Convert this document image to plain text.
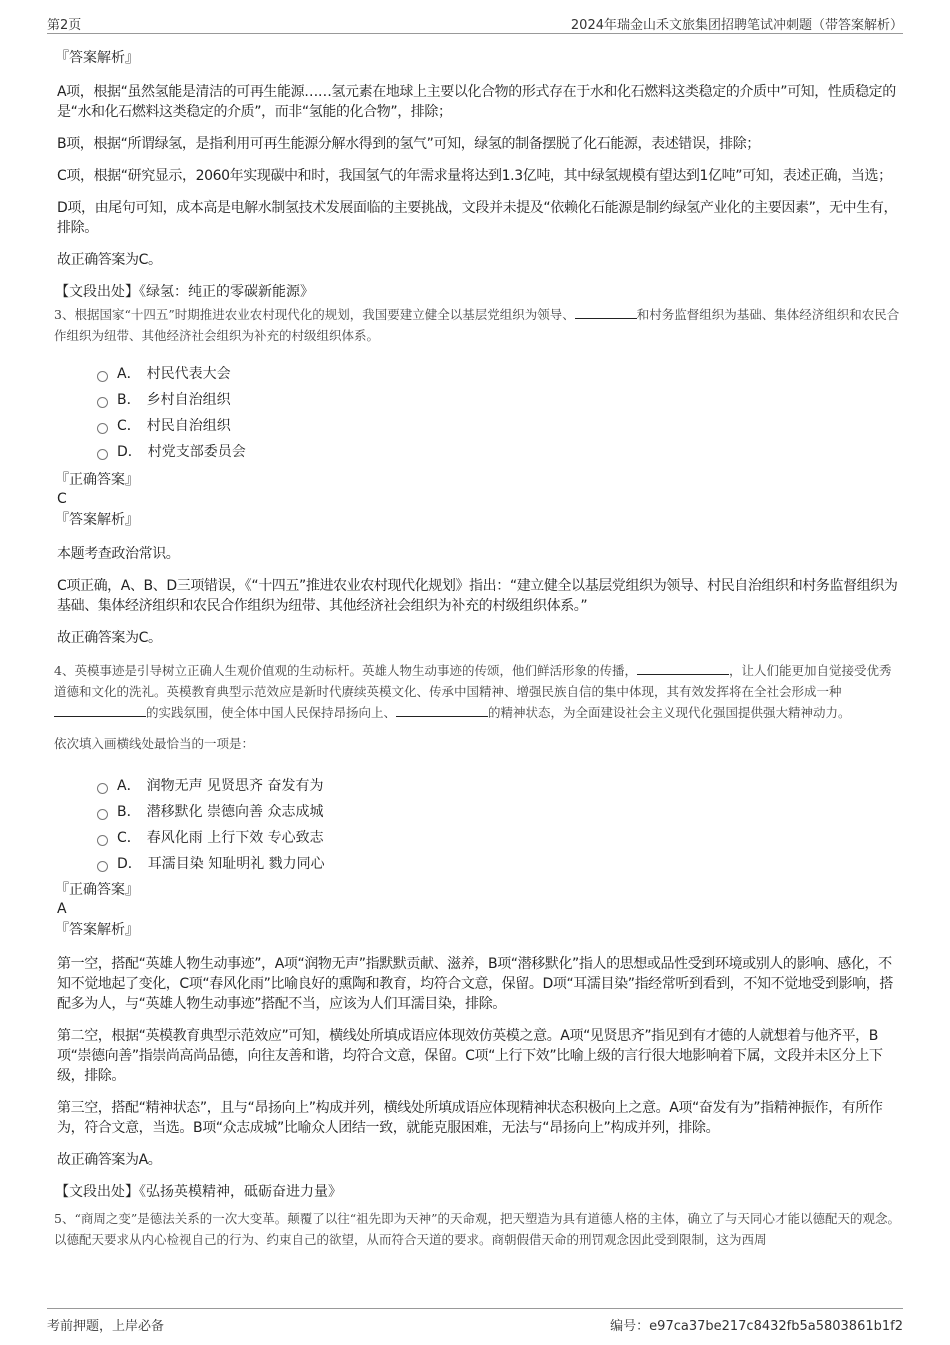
第2页	2024年瑞金山禾文旅集团招聘笔试冲刺题（带答案解析）
『答案解析』
A项，根据“虽然氢能是清洁的可再生能源……氢元素在地球上主要以化合物的形式存在于水和化石燃料这类稳定的介质中”可知，性质稳定的是“水和化石燃料这类稳定的介质”，而非“氢能的化合物”，排除；
B项，根据“所谓绿氢，是指利用可再生能源分解水得到的氢气”可知，绿氢的制备摆脱了化石能源，表述错误，排除；
C项，根据“研究显示，2060年实现碳中和时，我国氢气的年需求量将达到1.3亿吨，其中绿氢规模有望达到1亿吨”可知，表述正确，当选；
D项，由尾句可知，成本高是电解水制氢技术发展面临的主要挑战，文段并未提及“依赖化石能源是制约绿氢产业化的主要因素”，无中生有，排除。
故正确答案为C。
【文段出处】《绿氢：纯正的零碳新能源》
3、根据国家“十四五”时期推进农业农村现代化的规划，我国要建立健全以基层党组织为领导、	和村务监督组织为基础、集体经济组织和农民合作组织为纽带、其他经济社会组织为补充的村级组织体系。
A． 村民代表大会
B． 乡村自治组织
C． 村民自治组织
D． 村党支部委员会
『正确答案』
C
『答案解析』
本题考查政治常识。
C项正确，A、B、D三项错误，《“十四五”推进农业农村现代化规划》指出：“建立健全以基层党组织为领导、村民自治组织和村务监督组织为基础、集体经济组织和农民合作组织为纽带、其他经济社会组织为补充的村级组织体系。”
故正确答案为C。
4、英模事迹是引导树立正确人生观价值观的生动标杆。英雄人物生动事迹的传颂，他们鲜活形象的传播，	，让人们能更加自觉接受优秀道德和文化的洗礼。英模教育典型示范效应是新时代赓续英模文化、传承中国精神、增强民族自信的集中体现，其有效发挥将在全社会形成一种的实践氛围，使全体中国人民保持昂扬向上、	的精神状态，为全面建设社会主义现代化强国提供强大精神动力。
依次填入画横线处最恰当的一项是：
A． 润物无声 见贤思齐 奋发有为
B． 潜移默化 崇德向善 众志成城
C． 春风化雨 上行下效 专心致志
D． 耳濡目染 知耻明礼 戮力同心
『正确答案』
A
『答案解析』
第一空，搭配“英雄人物生动事迹”，A项“润物无声”指默默贡献、滋养，B项“潜移默化”指人的思想或品性受到环境或别人的影响、感化，不知不觉地起了变化，C项“春风化雨”比喻良好的熏陶和教育，均符合文意，保留。D项“耳濡目染”指经常听到看到，不知不觉地受到影响，搭配多为人，与“英雄人物生动事迹”搭配不当，应该为人们耳濡目染，排除。
第二空，根据“英模教育典型示范效应”可知，横线处所填成语应体现效仿英模之意。A项“见贤思齐”指见到有才德的人就想着与他齐平，B项“崇德向善”指崇尚高尚品德，向往友善和谐，均符合文意，保留。C项“上行下效”比喻上级的言行很大地影响着下属，文段并未区分上下级，排除。
第三空，搭配“精神状态”，且与“昂扬向上”构成并列，横线处所填成语应体现精神状态积极向上之意。A项“奋发有为”指精神振作，有所作为，符合文意，当选。B项“众志成城”比喻众人团结一致，就能克服困难，无法与“昂扬向上”构成并列，排除。
故正确答案为A。
【文段出处】《弘扬英模精神，砥砺奋进力量》
5、“商周之变”是德法关系的一次大变革。颠覆了以往“祖先即为天神”的天命观，把天塑造为具有道德人格的主体，确立了与天同心才能以德配天的观念。以德配天要求从内心检视自己的行为、约束自己的欲望，从而符合天道的要求。商朝假借天命的刑罚观念因此受到限制，这为西周
考前押题，上岸必备	编号：e97ca37be217c8432fb5a5803861b1f2
